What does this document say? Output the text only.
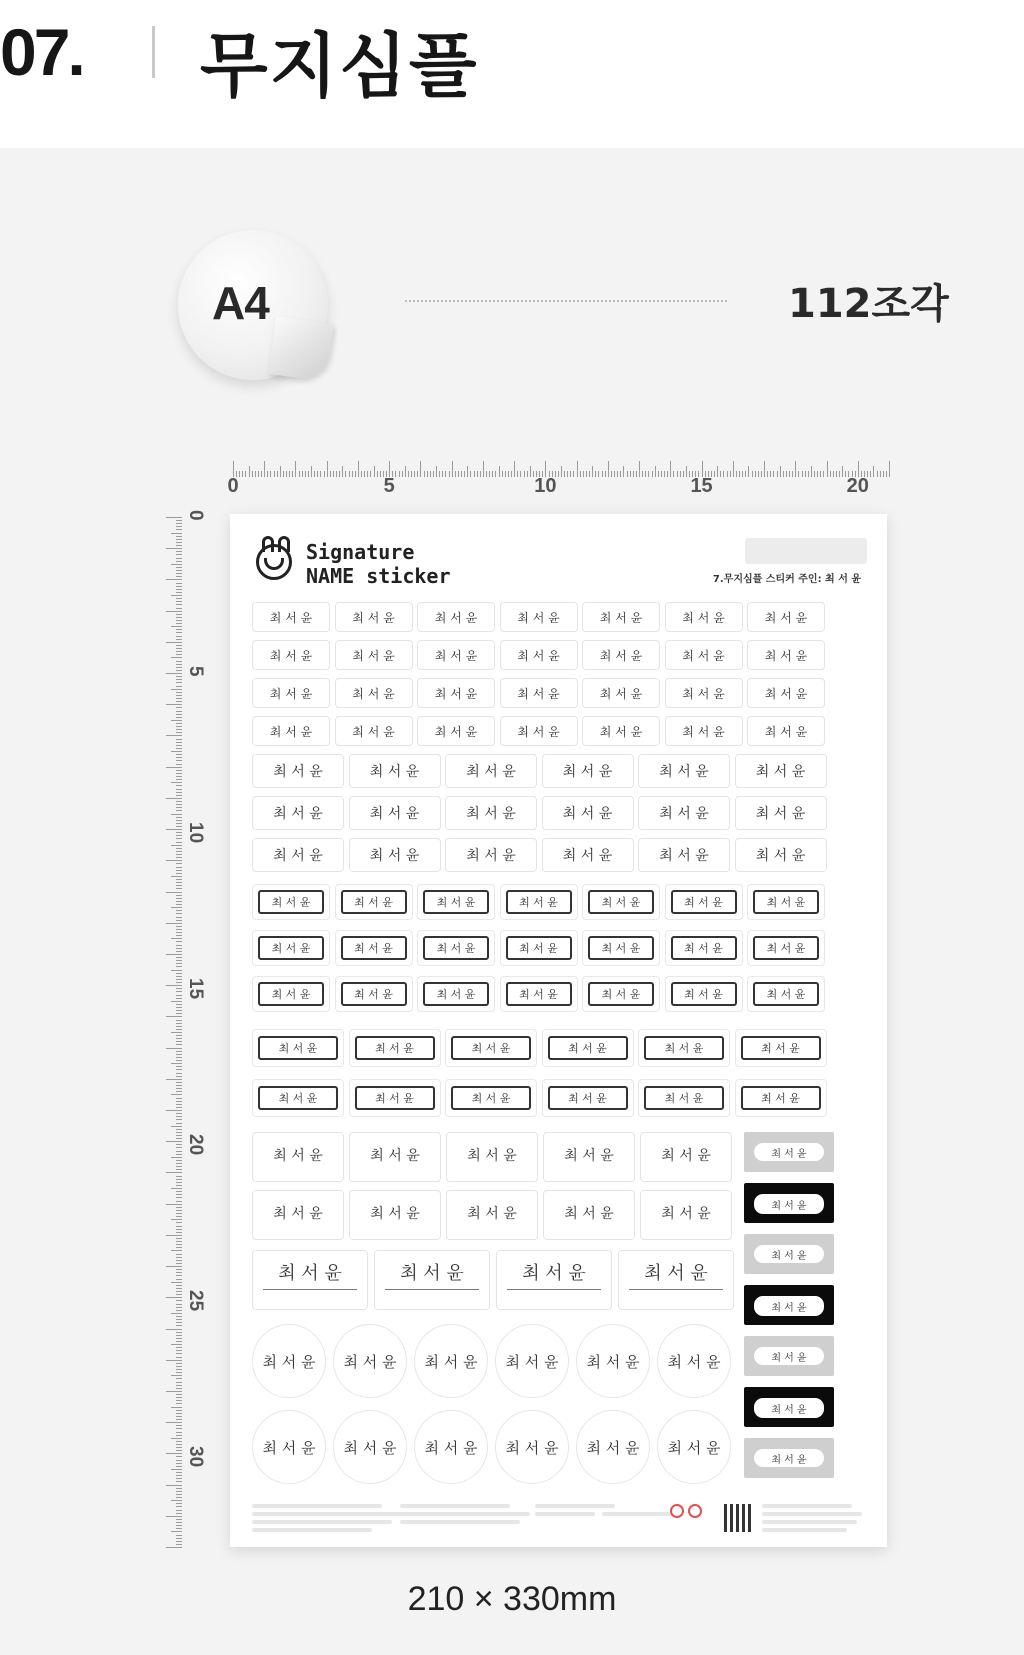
07. 무지심플
A4	112조각
0	5	10	15	20
0
5
10
15
20
25
30
Signature
NAME sticker	7.무지심플 스티커 주인: 최 서 윤
최 서 윤	최 서 윤	최 서 윤	최 서 윤	최 서 윤	최 서 윤	최 서 윤
최 서 윤	최 서 윤	최 서 윤	최 서 윤	최 서 윤	최 서 윤	최 서 윤
최 서 윤	최 서 윤	최 서 윤	최 서 윤	최 서 윤	최 서 윤	최 서 윤
최 서 윤	최 서 윤	최 서 윤	최 서 윤	최 서 윤	최 서 윤	최 서 윤
최 서 윤	최 서 윤	최 서 윤	최 서 윤	최 서 윤	최 서 윤
최 서 윤	최 서 윤	최 서 윤	최 서 윤	최 서 윤	최 서 윤
최 서 윤	최 서 윤	최 서 윤	최 서 윤	최 서 윤	최 서 윤
최 서 윤	최 서 윤	최 서 윤	최 서 윤	최 서 윤	최 서 윤	최 서 윤
최 서 윤	최 서 윤	최 서 윤	최 서 윤	최 서 윤	최 서 윤	최 서 윤
최 서 윤	최 서 윤	최 서 윤	최 서 윤	최 서 윤	최 서 윤	최 서 윤
최 서 윤	최 서 윤	최 서 윤	최 서 윤	최 서 윤	최 서 윤
최 서 윤	최 서 윤	최 서 윤	최 서 윤	최 서 윤	최 서 윤
최 서 윤	최 서 윤	최 서 윤	최 서 윤	최 서 윤
최 서 윤	최 서 윤	최 서 윤	최 서 윤	최 서 윤
최 서 윤	최 서 윤	최 서 윤	최 서 윤
최 서 윤	최 서 윤	최 서 윤	최 서 윤	최 서 윤	최 서 윤
최 서 윤	최 서 윤	최 서 윤	최 서 윤	최 서 윤	최 서 윤
최 서 윤
최 서 윤
최 서 윤
최 서 윤
최 서 윤
최 서 윤
최 서 윤
210 × 330mm
